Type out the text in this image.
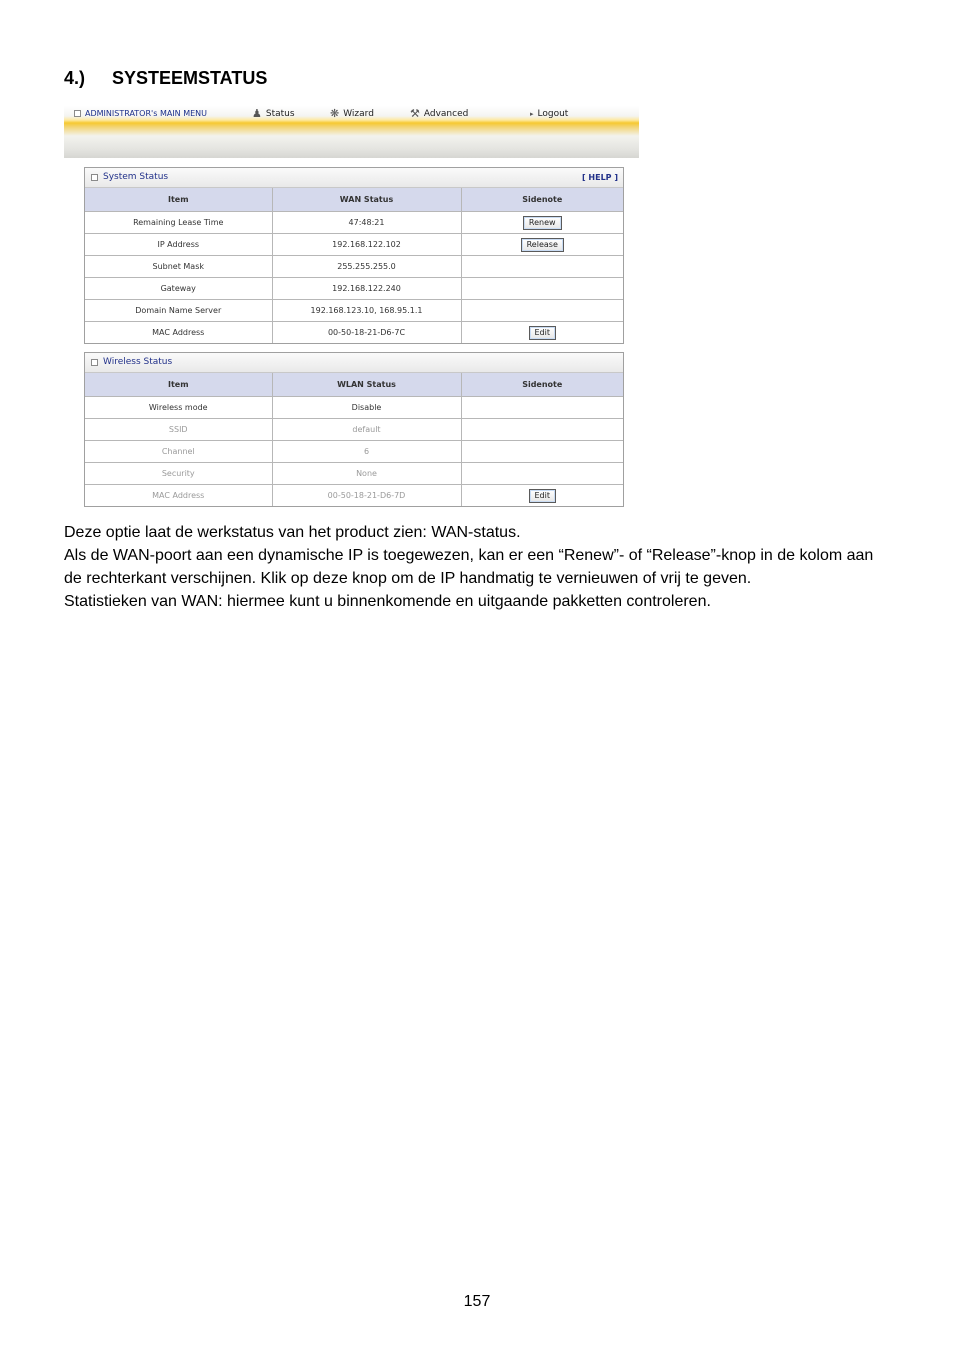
4.) SYSTEEMSTATUS
ADMINISTRATOR's MAIN MENU	♟ Status	❋ Wizard	⚒ Advanced	▸ Logout
System Status	[ HELP ]
Item	WAN Status	Sidenote
Remaining Lease Time	47:48:21	Renew
IP Address	192.168.122.102	Release
Subnet Mask	255.255.255.0	
Gateway	192.168.122.240	
Domain Name Server	192.168.123.10, 168.95.1.1	
MAC Address	00-50-18-21-D6-7C	Edit
Wireless Status
Item	WLAN Status	Sidenote
Wireless mode	Disable	
SSID	default	
Channel	6	
Security	None	
MAC Address	00-50-18-21-D6-7D	Edit

Deze optie laat de werkstatus van het product zien: WAN-status.

Als de WAN-poort aan een dynamische IP is toegewezen, kan er een “Renew”- of “Release”-knop in de kolom aan de rechterkant verschijnen. Klik op deze knop om de IP handmatig te vernieuwen of vrij te geven.

Statistieken van WAN: hiermee kunt u binnenkomende en uitgaande pakketten controleren.

157
